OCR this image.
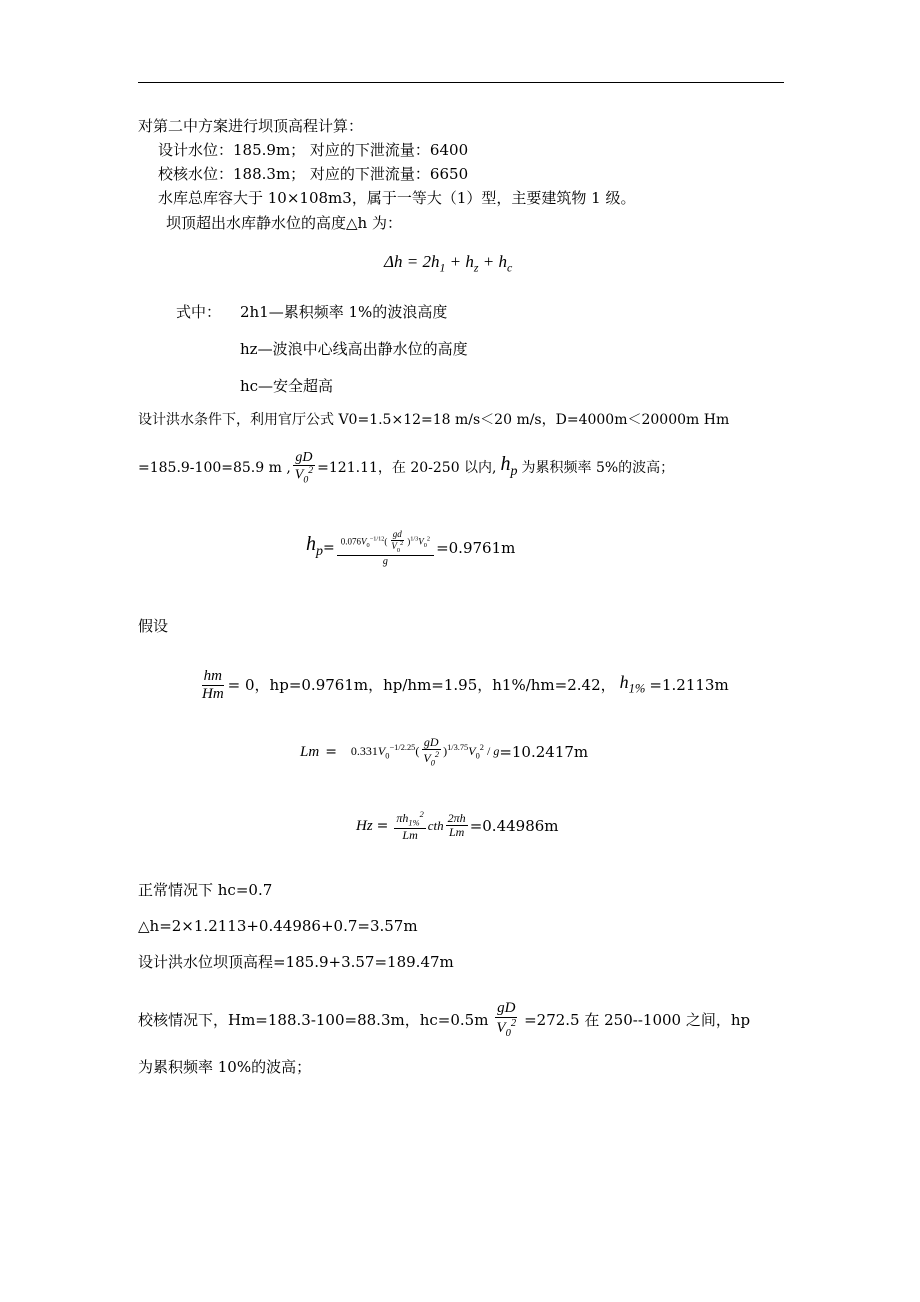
对第二中方案进行坝顶高程计算：
设计水位：185.9m； 对应的下泄流量：6400
校核水位：188.3m； 对应的下泄流量：6650
水库总库容大于 10×108m3，属于一等大（1）型，主要建筑物 1 级。
坝顶超出水库静水位的高度△h 为：
$\Delta h = 2h_1 + h_z + h_c$
式中： 2h1—累积频率 1%的波浪高度
hz—波浪中心线高出静水位的高度
hc—安全超高
设计洪水条件下，利用官厅公式 V0=1.5×12=18 m/s＜20 m/s，D=4000m＜20000m Hm
=185.9-100=85.9 m , $\frac{gD}{V_0^2} =121.11$，在 20-250 以内, $h_p$ 为累积频率 5%的波高；
$h_p = \frac{0.076V_0^{-1/12}( \frac{gd}{V_0^2} )^{1/3}V_0^2}{g} =0.9761m$
假设
$\frac{hm}{Hm} = 0$，hp=0.9761m，hp/hm=1.95，h1%/hm=2.42， $h_{1\%} =1.2113m$
$Lm = 0.331V_0^{-1/2.25}( \frac{gD}{V_0^2} )^{1/3.75}V_0^2 / g =10.2417m$
$Hz = \frac{\pi h_{1\%}^2}{Lm}$ cth $\frac{2\pi h}{Lm} =0.44986m$
正常情况下 hc=0.7
△h=2×1.2113+0.44986+0.7=3.57m
设计洪水位坝顶高程=185.9+3.57=189.47m
校核情况下，Hm=188.3-100=88.3m，$hc=0.5m \frac{gD}{V_0^2} =272.5$ 在 250--1000 之间，hp
为累积频率 10%的波高；
